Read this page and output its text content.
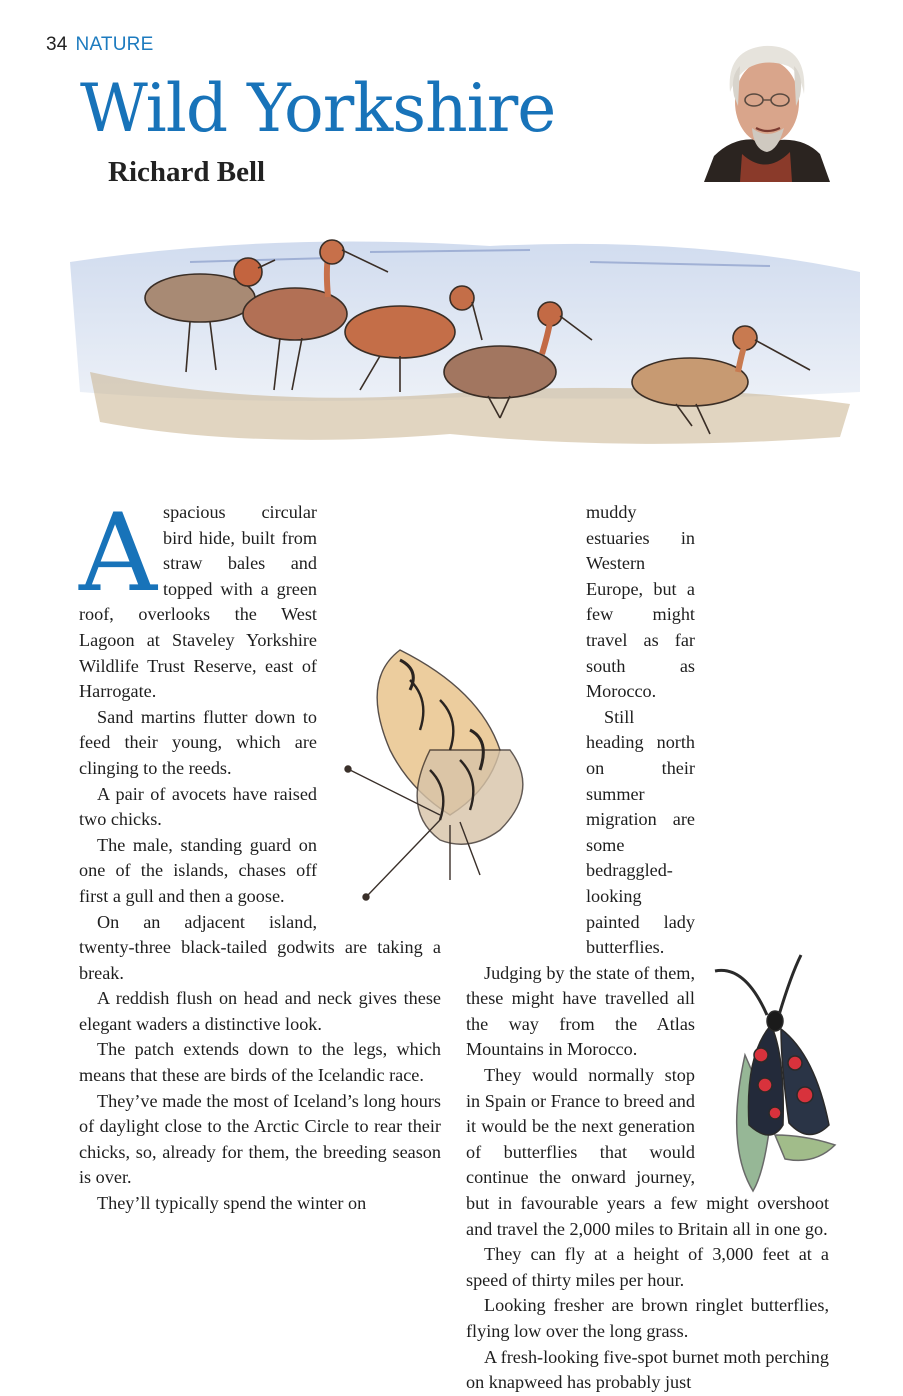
34 NATURE
Wild Yorkshire
Richard Bell
A spacious circular bird hide, built from straw bales and topped with a green roof, overlooks the West Lagoon at Staveley Yorkshire Wildlife Trust Reserve, east of Harrogate.

Sand martins flutter down to feed their young, which are clinging to the reeds.

A pair of avocets have raised two chicks.

The male, standing guard on one of the islands, chases off first a gull and then a goose.

On an adjacent island, twenty-three black-tailed godwits are taking a break.

A reddish flush on head and neck gives these elegant waders a distinctive look.

The patch extends down to the legs, which means that these are birds of the Icelandic race.

They’ve made the most of Iceland’s long hours of daylight close to the Arctic Circle to rear their chicks, so, already for them, the breeding season is over.

They’ll typically spend the winter on

muddy estuaries in Western Europe, but a few might travel as far south as Morocco.

Still heading north on their summer migration are some bedraggled-looking painted lady butterflies.

Judging by the state of them, these might have travelled all the way from the Atlas Mountains in Morocco.

They would normally stop in Spain or France to breed and it would be the next generation of butterflies that would continue the onward journey, but in favourable years a few might overshoot and travel the 2,000 miles to Britain all in one go.

They can fly at a height of 3,000 feet at a speed of thirty miles per hour.

Looking fresher are brown ringlet butterflies, flying low over the long grass.

A fresh-looking five-spot burnet moth perching on knapweed has probably just
